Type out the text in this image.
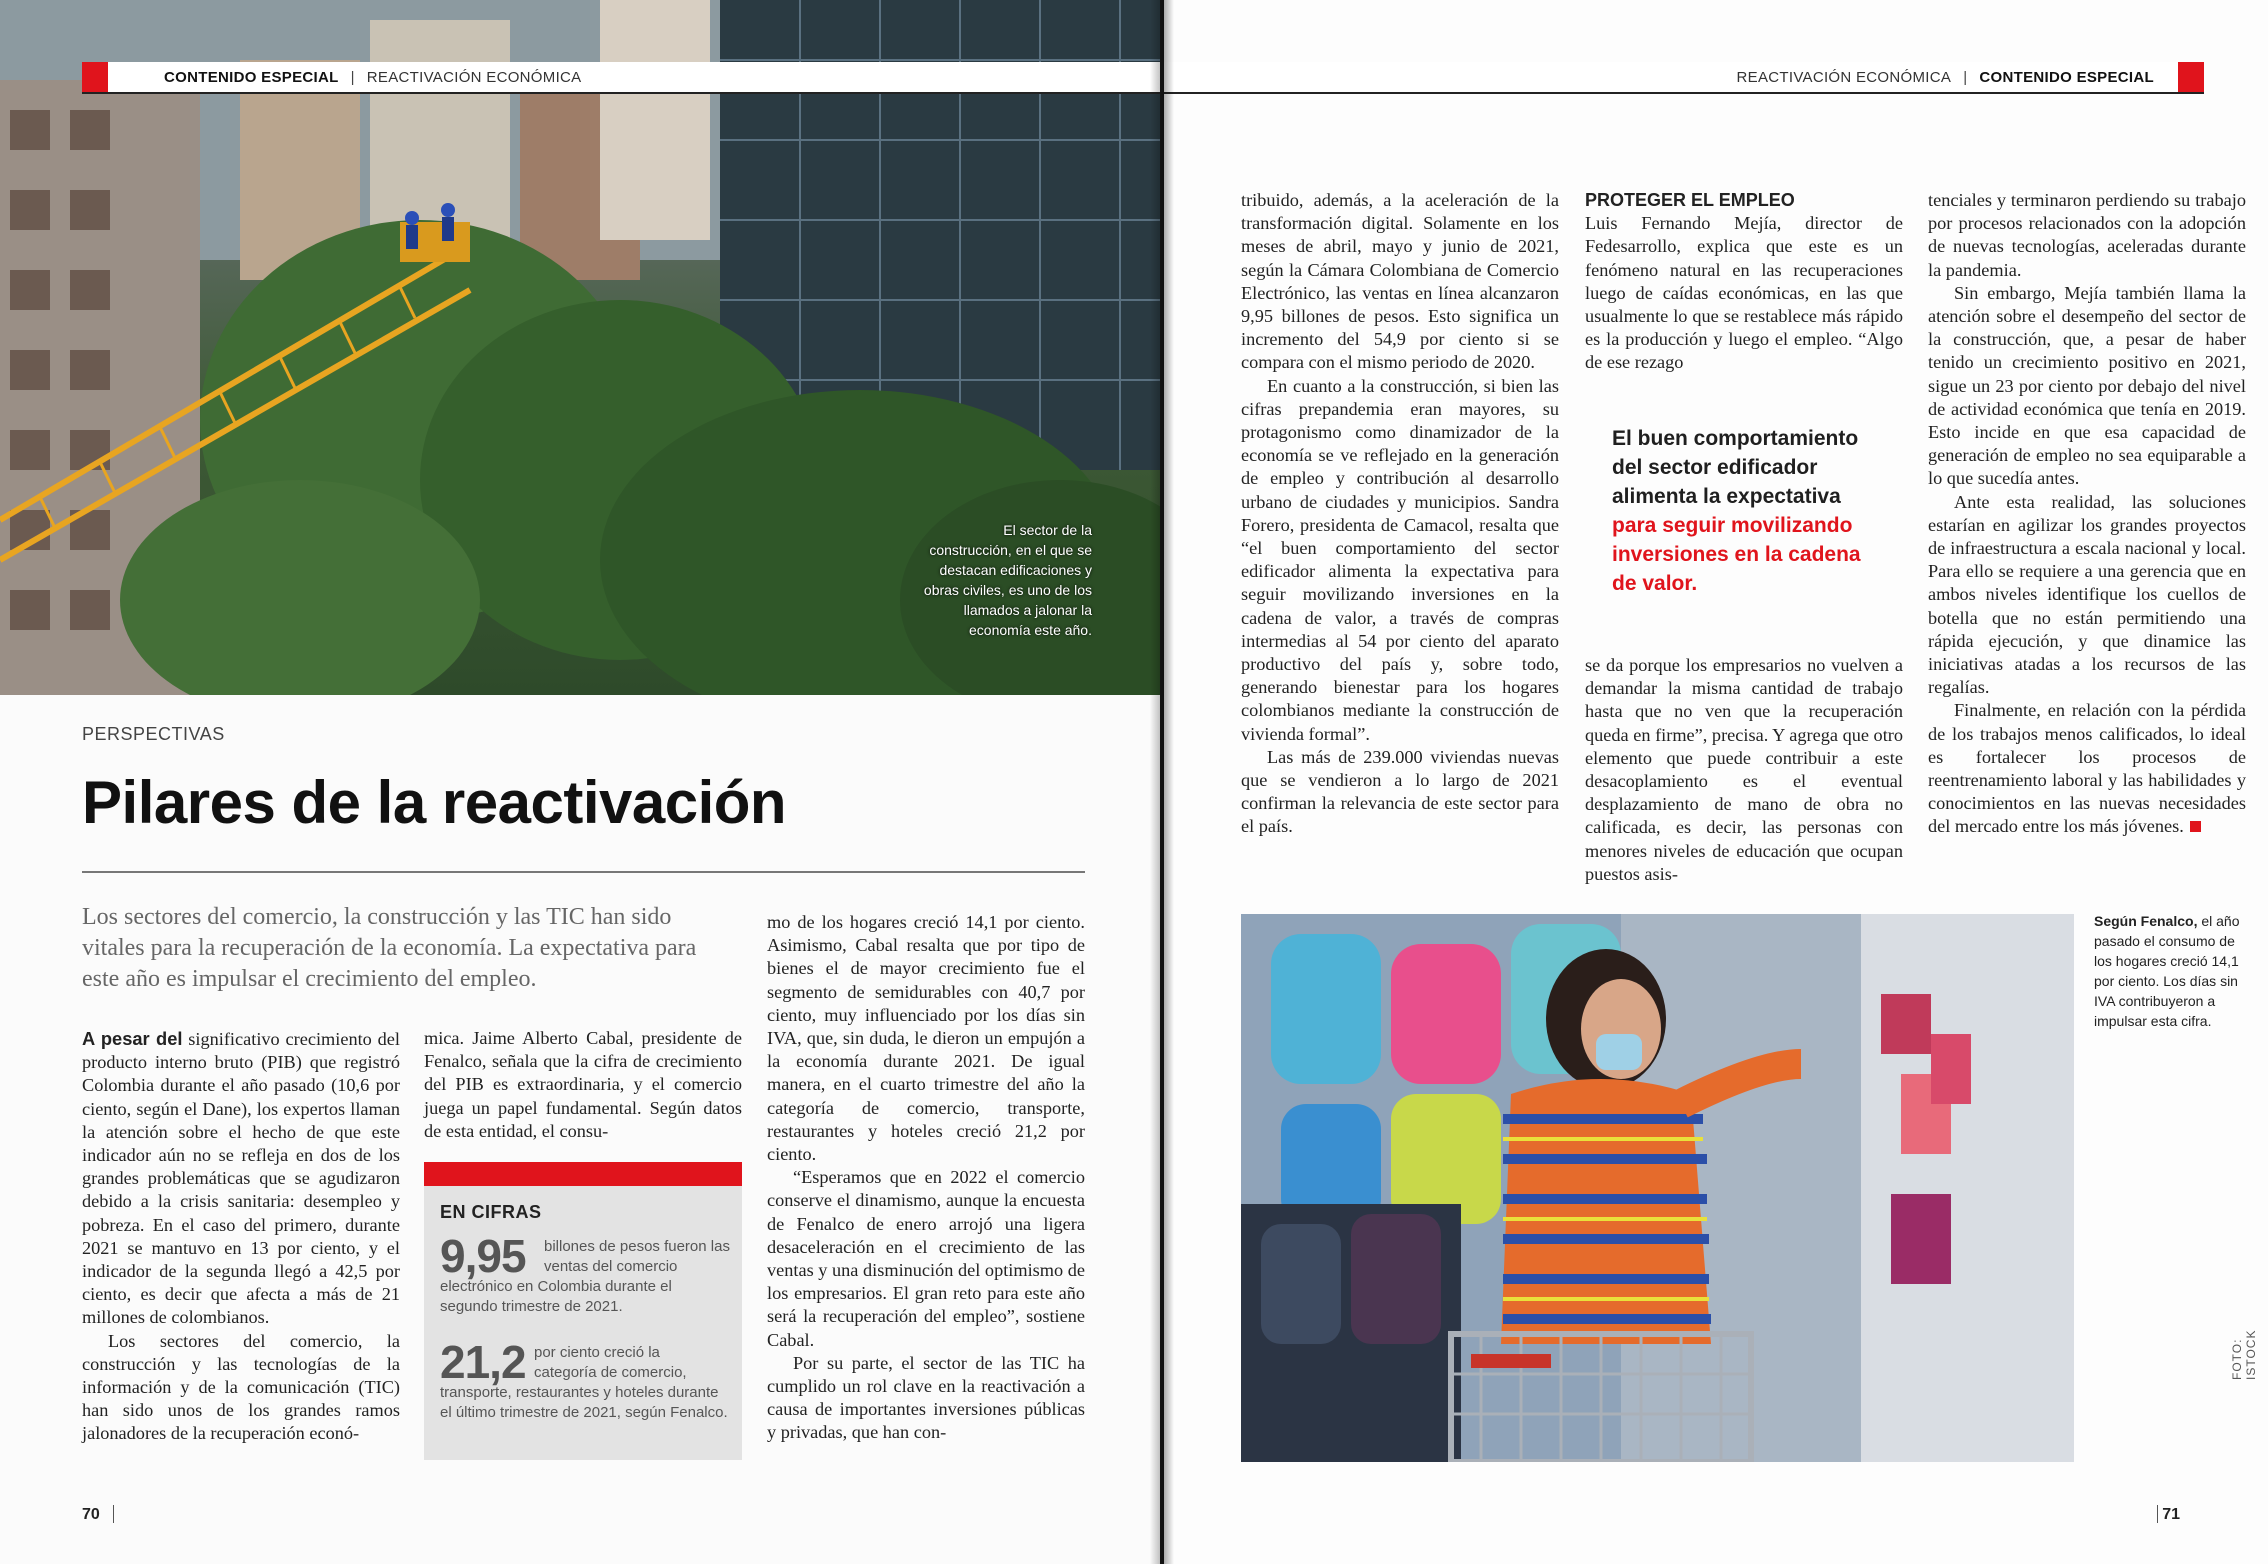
CONTENIDO ESPECIAL | REACTIVACIÓN ECONÓMICA
El sector de la construcción, en el que se destacan edificaciones y obras civiles, es uno de los llamados a jalonar la economía este año.
PERSPECTIVAS
Pilares de la reactivación

Los sectores del comercio, la construcción y las TIC han sido vitales para la recuperación de la economía. La expectativa para este año es impulsar el crecimiento del empleo.

A pesar del significativo crecimiento del producto interno bruto (PIB) que registró Colombia durante el año pasado (10,6 por ciento, según el Dane), los expertos llaman la atención sobre el hecho de que este indicador aún no se refleja en dos de los grandes problemáticas que se agudizaron debido a la crisis sanitaria: desempleo y pobreza. En el caso del primero, durante 2021 se mantuvo en 13 por ciento, y el indicador de la segunda llegó a 42,5 por ciento, es decir que afecta a más de 21 millones de colombianos.

Los sectores del comercio, la construcción y las tecnologías de la información y de la comunicación (TIC) han sido unos de los grandes ramos jalonadores de la recuperación econó-

mica. Jaime Alberto Cabal, presidente de Fenalco, señala que la cifra de crecimiento del PIB es extraordinaria, y el comercio juega un papel fundamental. Según datos de esta entidad, el consu-

EN CIFRAS
9,95 billones de pesos fueron las ventas del comercio
electrónico en Colombia durante el segundo trimestre de 2021.
21,2 por ciento creció la categoría de comercio,
transporte, restaurantes y hoteles durante el último trimestre de 2021, según Fenalco.

mo de los hogares creció 14,1 por ciento. Asimismo, Cabal resalta que por tipo de bienes el de mayor crecimiento fue el segmento de semidurables con 40,7 por ciento, muy influenciado por los días sin IVA, que, sin duda, le dieron un empujón a la economía durante 2021. De igual manera, en el cuarto trimestre del año la categoría de comercio, transporte, restaurantes y hoteles creció 21,2 por ciento.

“Esperamos que en 2022 el comercio conserve el dinamismo, aunque la encuesta de Fenalco de enero arrojó una ligera desaceleración en el crecimiento de las ventas y una disminución del optimismo de los empresarios. El gran reto para este año será la recuperación del empleo”, sostiene Cabal.

Por su parte, el sector de las TIC ha cumplido un rol clave en la reactivación a causa de importantes inversiones públicas y privadas, que han con-

70
REACTIVACIÓN ECONÓMICA | CONTENIDO ESPECIAL

tribuido, además, a la aceleración de la transformación digital. Solamente en los meses de abril, mayo y junio de 2021, según la Cámara Colombiana de Comercio Electrónico, las ventas en línea alcanzaron 9,95 billones de pesos. Esto significa un incremento del 54,9 por ciento si se compara con el mismo periodo de 2020.

En cuanto a la construcción, si bien las cifras prepandemia eran mayores, su protagonismo como dinamizador de la economía se ve reflejado en la generación de empleo y contribución al desarrollo urbano de ciudades y municipios. Sandra Forero, presidenta de Camacol, resalta que “el buen comportamiento del sector edificador alimenta la expectativa para seguir movilizando inversiones en la cadena de valor, a través de compras intermedias al 54 por ciento del aparato productivo del país y, sobre todo, generando bienestar para los hogares colombianos mediante la construcción de vivienda formal”.

Las más de 239.000 viviendas nuevas que se vendieron a lo largo de 2021 confirman la relevancia de este sector para el país.

PROTEGER EL EMPLEO

Luis Fernando Mejía, director de Fedesarrollo, explica que este es un fenómeno natural en las recuperaciones luego de caídas económicas, en las que usualmente lo que se restablece más rápido es la producción y luego el empleo. “Algo de ese rezago

El buen comportamiento del sector edificador alimenta la expectativa
para seguir movilizando inversiones en la cadena de valor.

se da porque los empresarios no vuelven a demandar la misma cantidad de trabajo hasta que no ven que la recuperación queda en firme”, precisa. Y agrega que otro elemento que puede contribuir a este desacoplamiento es el eventual desplazamiento de mano de obra no calificada, es decir, las personas con menores niveles de educación que ocupan puestos asis-

tenciales y terminaron perdiendo su trabajo por procesos relacionados con la adopción de nuevas tecnologías, aceleradas durante la pandemia.

Sin embargo, Mejía también llama la atención sobre el desempeño del sector de la construcción, que, a pesar de haber tenido un crecimiento positivo en 2021, sigue un 23 por ciento por debajo del nivel de actividad económica que tenía en 2019. Esto incide en que esa capacidad de generación de empleo no sea equiparable a lo que sucedía antes.

Ante esta realidad, las soluciones estarían en agilizar los grandes proyectos de infraestructura a escala nacional y local. Para ello se requiere a una gerencia que en ambos niveles identifique los cuellos de botella que no están permitiendo una rápida ejecución, y que dinamice las iniciativas atadas a los recursos de las regalías.

Finalmente, en relación con la pérdida de los trabajos menos calificados, lo ideal es fortalecer los procesos de reentrenamiento laboral y las habilidades y conocimientos en las nuevas necesidades del mercado entre los más jóvenes.

Según Fenalco, el año pasado el consumo de los hogares creció 14,1 por ciento. Los días sin IVA contribuyeron a impulsar esta cifra.
FOTO: ISTOCK
71
